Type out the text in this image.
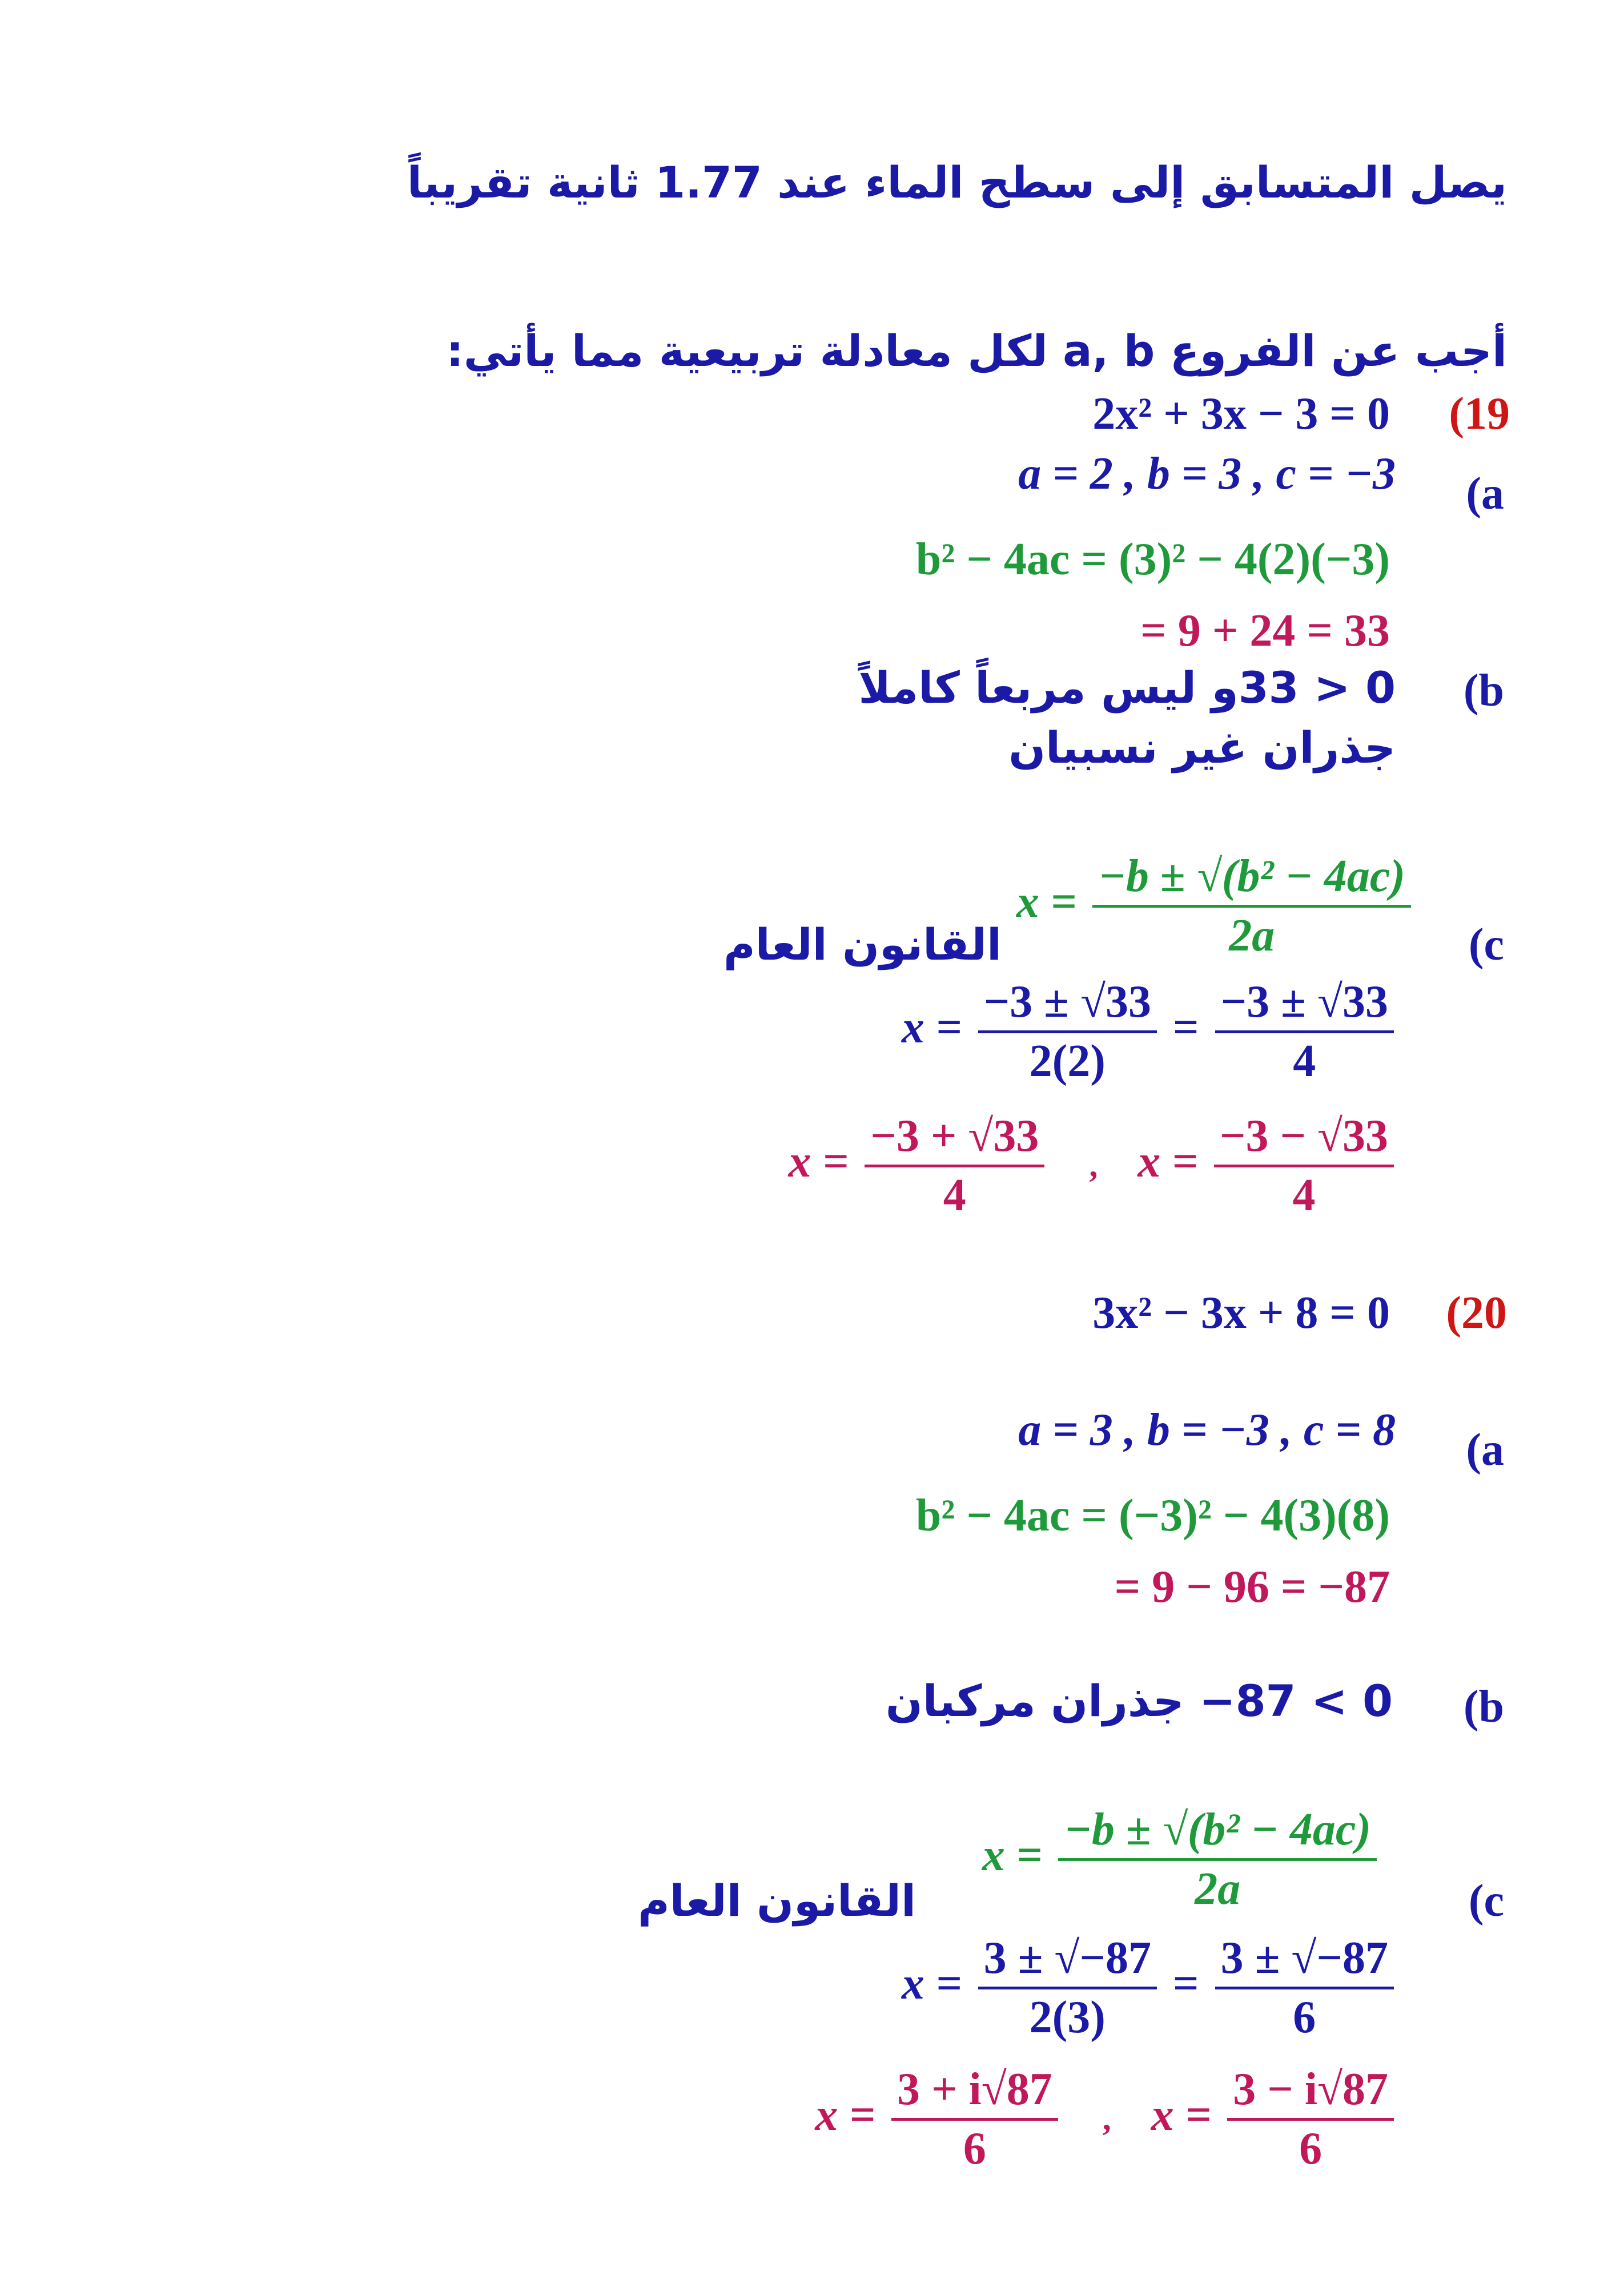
يصل المتسابق إلى سطح الماء عند 1.77 ثانية تقريباً
أجب عن الفروع a, b لكل معادلة تربيعية مما يأتي:
(19
2x² + 3x − 3 = 0
(a
a = 2 , b = 3 , c = −3
b² − 4ac = (3)² − 4(2)(−3)
= 9 + 24 = 33
(b
0 < 33و ليس مربعاً كاملاً
جذران غير نسبيان
(c
القانون العام
$x = \frac{\text{−b ± √(b² − 4ac)}}{2a}$
$x = \frac{-3 \pm √33}{2(2)} = \frac{-3 \pm √33}{4}$
$x = \frac{-3 + √33}{4}$ , $x = \frac{-3 - √33}{4}$
(20
3x² − 3x + 8 = 0
(a
a = 3 , b = −3 , c = 8
b² − 4ac = (−3)² − 4(3)(8)
= 9 − 96 = −87
(b
0 > 87− جذران مركبان
(c
القانون العام
$x = \frac{\text{−b ± √(b² − 4ac)}}{2a}$
$x = \frac{3 \pm √-87}{2(3)} = \frac{3 \pm √-87}{6}$
$x = \frac{3 + i√87}{6}$ , $x = \frac{3 - i√87}{6}$
